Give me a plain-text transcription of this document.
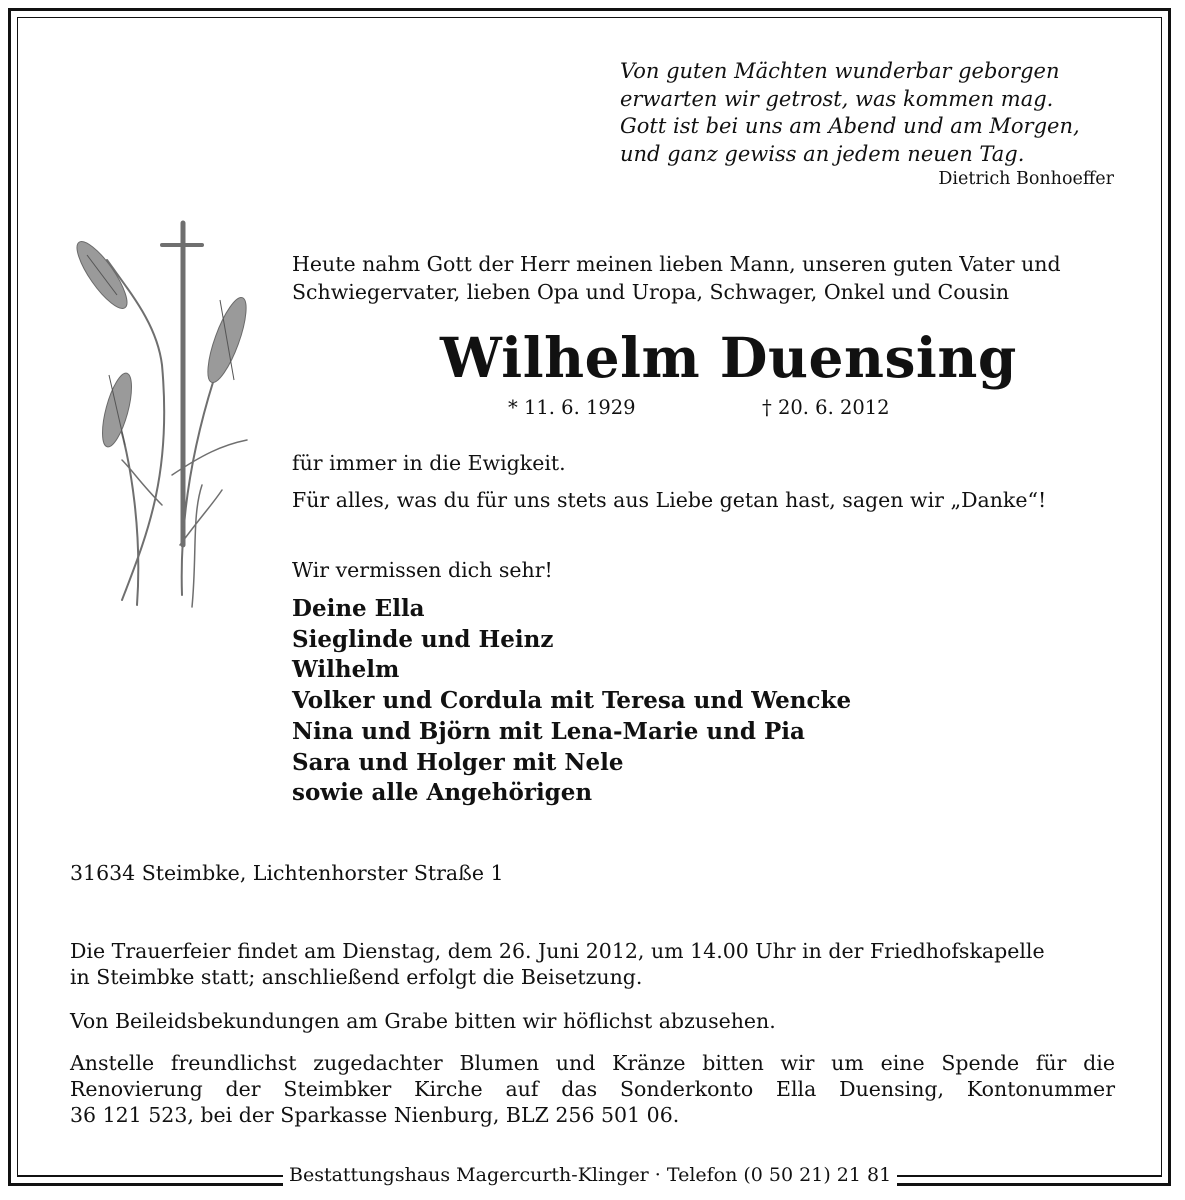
Von guten Mächten wunderbar geborgen
erwarten wir getrost, was kommen mag.
Gott ist bei uns am Abend und am Morgen,
und ganz gewiss an jedem neuen Tag.
Dietrich Bonhoeffer
Heute nahm Gott der Herr meinen lieben Mann, unseren guten Vater und
Schwiegervater, lieben Opa und Uropa, Schwager, Onkel und Cousin
Wilhelm Duensing
* 11. 6. 1929	† 20. 6. 2012
für immer in die Ewigkeit.
Für alles, was du für uns stets aus Liebe getan hast, sagen wir „Danke“!
Wir vermissen dich sehr!
Deine Ella
Sieglinde und Heinz
Wilhelm
Volker und Cordula mit Teresa und Wencke
Nina und Björn mit Lena-Marie und Pia
Sara und Holger mit Nele
sowie alle Angehörigen
31634 Steimbke, Lichtenhorster Straße 1
Die Trauerfeier findet am Dienstag, dem 26. Juni 2012, um 14.00 Uhr in der Friedhofskapelle
in Steimbke statt; anschließend erfolgt die Beisetzung.
Von Beileidsbekundungen am Grabe bitten wir höflichst abzusehen.
Anstelle freundlichst zugedachter Blumen und Kränze bitten wir um eine Spende für die
Renovierung der Steimbker Kirche auf das Sonderkonto Ella Duensing, Kontonummer
36 121 523, bei der Sparkasse Nienburg, BLZ 256 501 06.
Bestattungshaus Magercurth-Klinger · Telefon (0 50 21) 21 81
